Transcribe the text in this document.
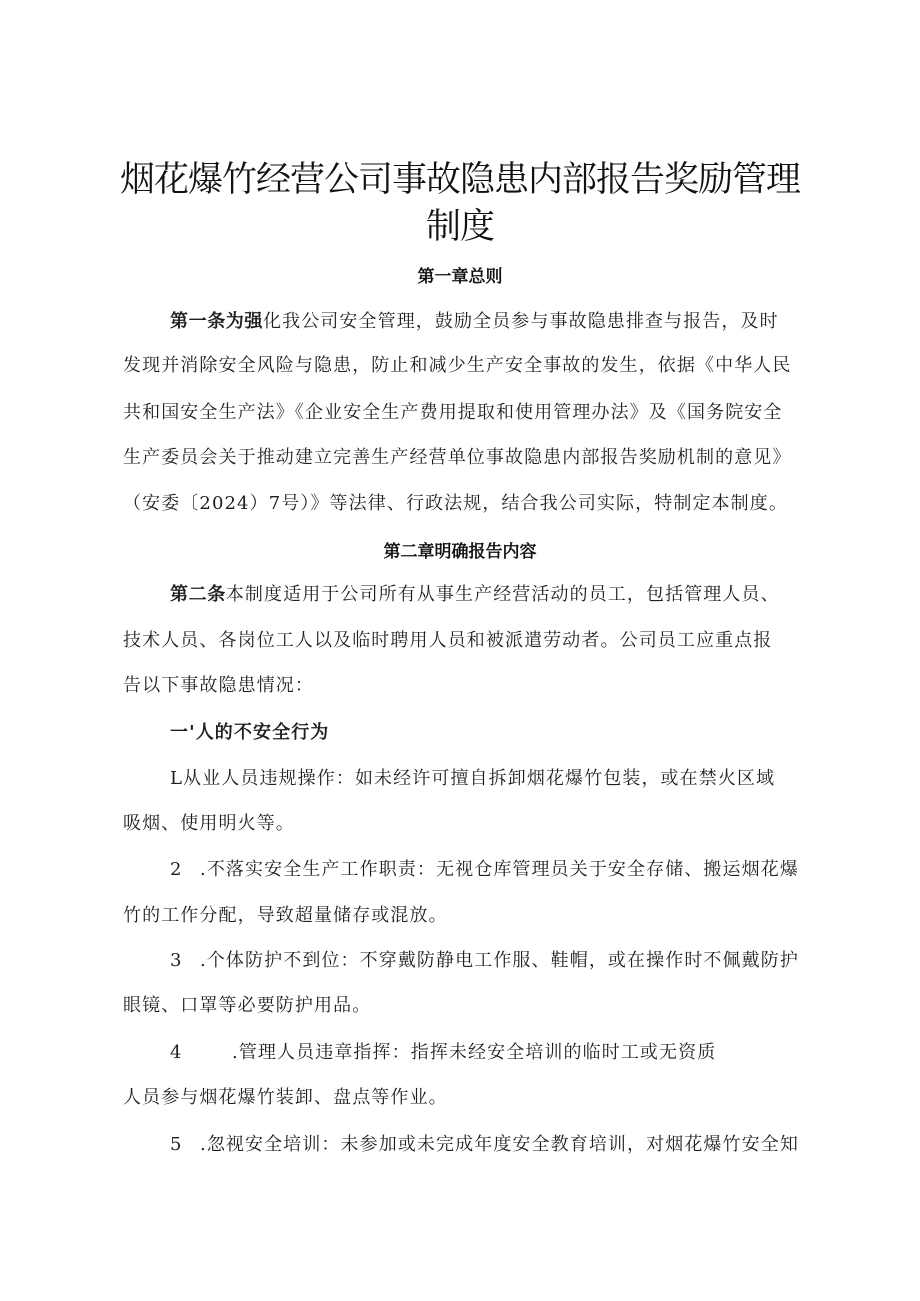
烟花爆竹经营公司事故隐患内部报告奖励管理
制度
第一章总则
第一条为强化我公司安全管理，鼓励全员参与事故隐患排查与报告，及时
发现并消除安全风险与隐患，防止和减少生产安全事故的发生，依据《中华人民
共和国安全生产法》《企业安全生产费用提取和使用管理办法》及《国务院安全
生产委员会关于推动建立完善生产经营单位事故隐患内部报告奖励机制的意见》
（安委〔2024）7号）》等法律、行政法规，结合我公司实际，特制定本制度。
第二章明确报告内容
第二条本制度适用于公司所有从事生产经营活动的员工，包括管理人员、
技术人员、各岗位工人以及临时聘用人员和被派遣劳动者。公司员工应重点报
告以下事故隐患情况：
一'人的不安全行为
L从业人员违规操作：如未经许可擅自拆卸烟花爆竹包装，或在禁火区域
吸烟、使用明火等。
2 .不落实安全生产工作职责：无视仓库管理员关于安全存储、搬运烟花爆
竹的工作分配，导致超量储存或混放。
3 .个体防护不到位：不穿戴防静电工作服、鞋帽，或在操作时不佩戴防护
眼镜、口罩等必要防护用品。
4	.管理人员违章指挥：指挥未经安全培训的临时工或无资质
人员参与烟花爆竹装卸、盘点等作业。
5 .忽视安全培训：未参加或未完成年度安全教育培训，对烟花爆竹安全知
